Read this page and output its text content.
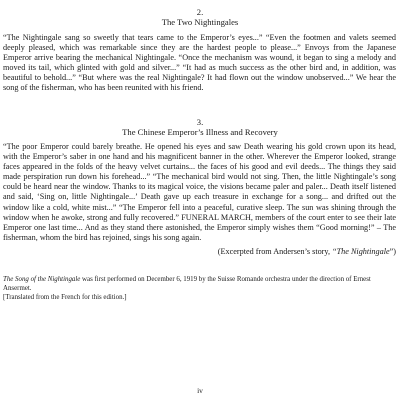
2.

The Two Nightingales

“The Nightingale sang so sweetly that tears came to the Emperor’s eyes...” “Even the footmen and valets seemed deeply pleased, which was remarkable since they are the hardest people to please...” Envoys from the Japanese Emperor arrive bearing the mechanical Nightingale. “Once the mechanism was wound, it began to sing a melody and moved its tail, which glinted with gold and silver...” “It had as much success as the other bird and, in addition, was beautiful to behold...” “But where was the real Nightingale? It had flown out the window unobserved...” We hear the song of the fisherman, who has been reunited with his friend.

3.

The Chinese Emperor’s Illness and Recovery

“The poor Emperor could barely breathe. He opened his eyes and saw Death wearing his gold crown upon its head, with the Emperor’s saber in one hand and his magnificent banner in the other. Wherever the Emperor looked, strange faces appeared in the folds of the heavy velvet curtains... the faces of his good and evil deeds... The things they said made perspiration run down his forehead...” “The mechanical bird would not sing. Then, the little Nightingale’s song could be heard near the window. Thanks to its magical voice, the visions became paler and paler... Death itself listened and said, ‘Sing on, little Nightingale...’ Death gave up each treasure in exchange for a song... and drifted out the window like a cold, white mist...” “The Emperor fell into a peaceful, curative sleep. The sun was shining through the window when he awoke, strong and fully recovered.” FUNERAL MARCH, members of the court enter to see their late Emperor one last time... And as they stand there astonished, the Emperor simply wishes them “Good morning!” – The fisherman, whom the bird has rejoined, sings his song again.

(Excerpted from Andersen’s story, “The Nightingale”)

The Song of the Nightingale was first performed on December 6, 1919 by the Suisse Romande orchestra under the direction of Ernest Ansermet.
[Translated from the French for this edition.]

iv
